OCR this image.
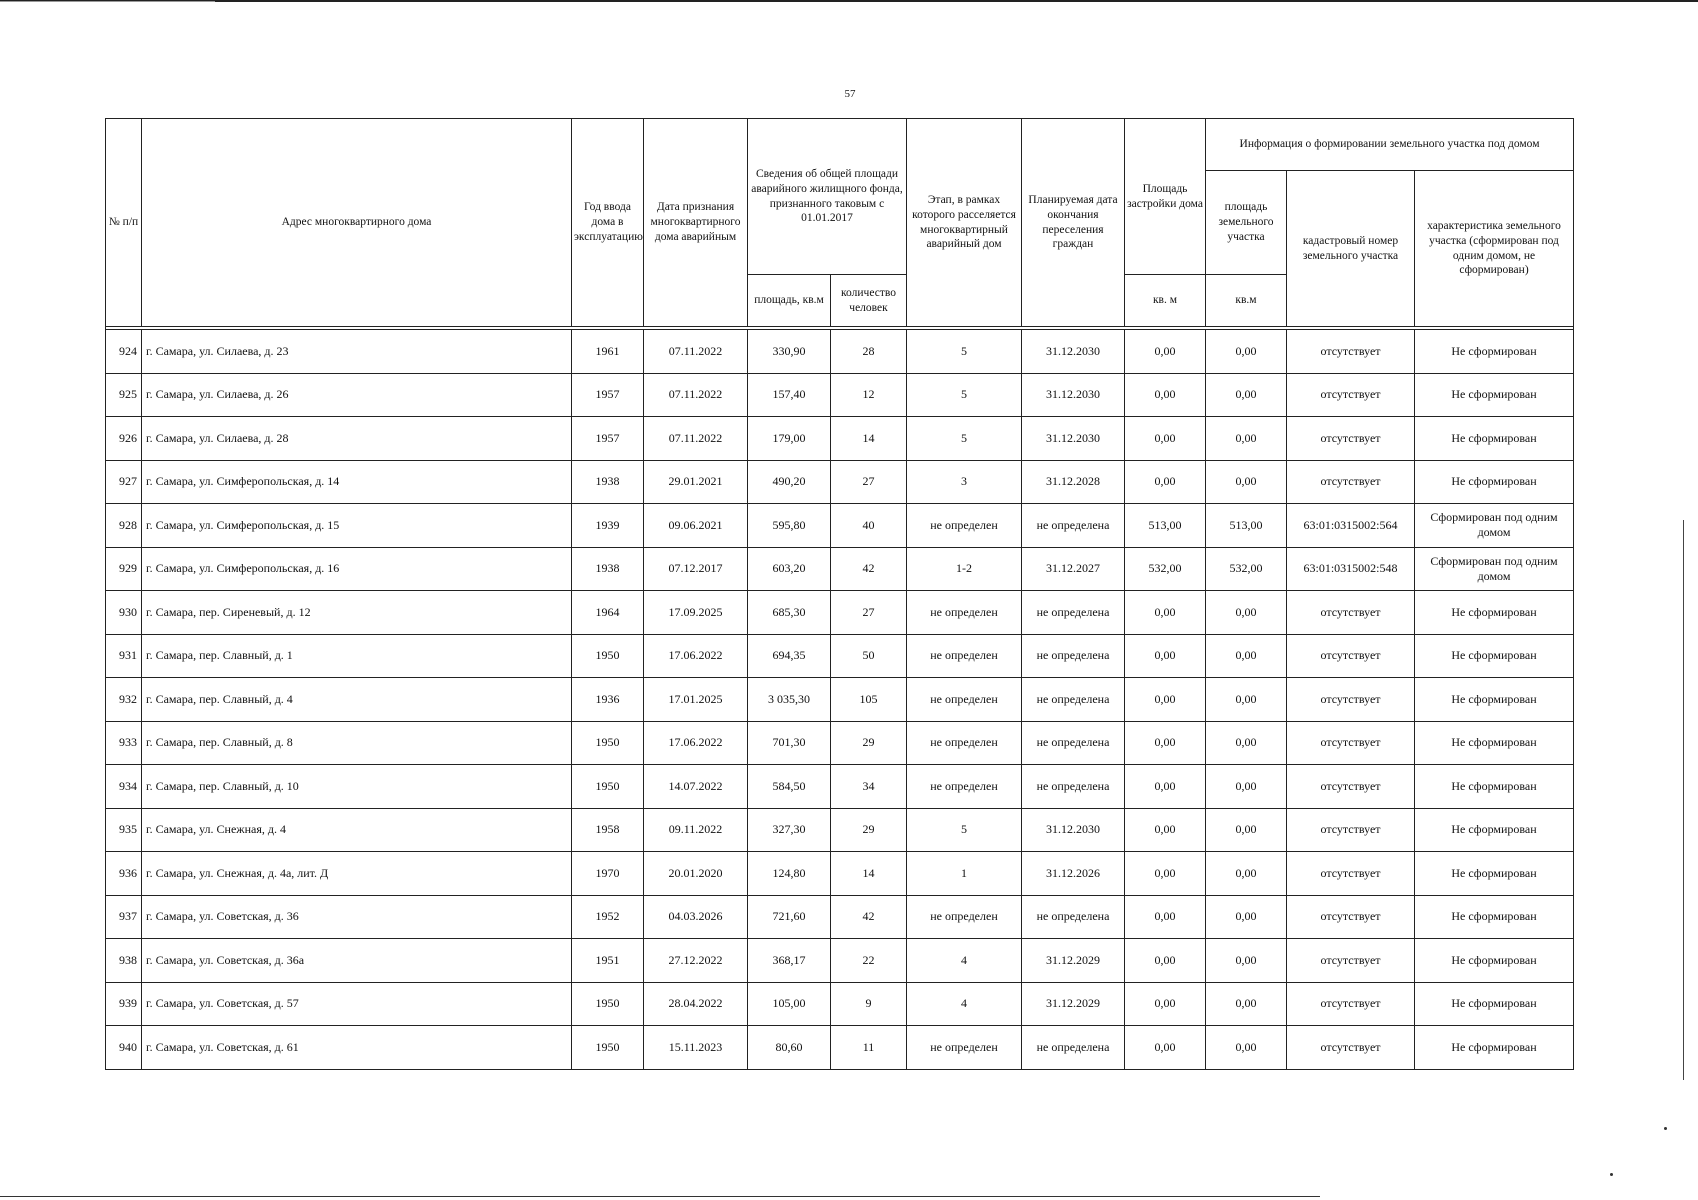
57
№ п/п	Адрес многоквартирного дома	Год ввода дома в эксплуатацию	Дата признания многоквартирного дома аварийным	Сведения об общей площади аварийного жилищного фонда, признанного таковым с 01.01.2017		Этап, в рамках которого расселяется многоквартирный аварийный дом	Планируемая дата окончания переселения граждан	Площадь застройки дома	Информация о формировании земельного участка под домом		
									площадь земельного участка	кадастровый номер земельного участка	характеристика земельного участка (сформирован под одним домом, не сформирован)
				площадь, кв.м	количество человек			кв. м	кв.м		

924	г. Самара, ул. Силаева, д. 23	1961	07.11.2022	330,90	28	5	31.12.2030	0,00	0,00	отсутствует	Не сформирован
925	г. Самара, ул. Силаева, д. 26	1957	07.11.2022	157,40	12	5	31.12.2030	0,00	0,00	отсутствует	Не сформирован
926	г. Самара, ул. Силаева, д. 28	1957	07.11.2022	179,00	14	5	31.12.2030	0,00	0,00	отсутствует	Не сформирован
927	г. Самара, ул. Симферопольская, д. 14	1938	29.01.2021	490,20	27	3	31.12.2028	0,00	0,00	отсутствует	Не сформирован
928	г. Самара, ул. Симферопольская, д. 15	1939	09.06.2021	595,80	40	не определен	не определена	513,00	513,00	63:01:0315002:564	Сформирован под одним домом
929	г. Самара, ул. Симферопольская, д. 16	1938	07.12.2017	603,20	42	1-2	31.12.2027	532,00	532,00	63:01:0315002:548	Сформирован под одним домом
930	г. Самара, пер. Сиреневый, д. 12	1964	17.09.2025	685,30	27	не определен	не определена	0,00	0,00	отсутствует	Не сформирован
931	г. Самара, пер. Славный, д. 1	1950	17.06.2022	694,35	50	не определен	не определена	0,00	0,00	отсутствует	Не сформирован
932	г. Самара, пер. Славный, д. 4	1936	17.01.2025	3 035,30	105	не определен	не определена	0,00	0,00	отсутствует	Не сформирован
933	г. Самара, пер. Славный, д. 8	1950	17.06.2022	701,30	29	не определен	не определена	0,00	0,00	отсутствует	Не сформирован
934	г. Самара, пер. Славный, д. 10	1950	14.07.2022	584,50	34	не определен	не определена	0,00	0,00	отсутствует	Не сформирован
935	г. Самара, ул. Снежная, д. 4	1958	09.11.2022	327,30	29	5	31.12.2030	0,00	0,00	отсутствует	Не сформирован
936	г. Самара, ул. Снежная, д. 4а, лит. Д	1970	20.01.2020	124,80	14	1	31.12.2026	0,00	0,00	отсутствует	Не сформирован
937	г. Самара, ул. Советская, д. 36	1952	04.03.2026	721,60	42	не определен	не определена	0,00	0,00	отсутствует	Не сформирован
938	г. Самара, ул. Советская, д. 36а	1951	27.12.2022	368,17	22	4	31.12.2029	0,00	0,00	отсутствует	Не сформирован
939	г. Самара, ул. Советская, д. 57	1950	28.04.2022	105,00	9	4	31.12.2029	0,00	0,00	отсутствует	Не сформирован
940	г. Самара, ул. Советская, д. 61	1950	15.11.2023	80,60	11	не определен	не определена	0,00	0,00	отсутствует	Не сформирован
